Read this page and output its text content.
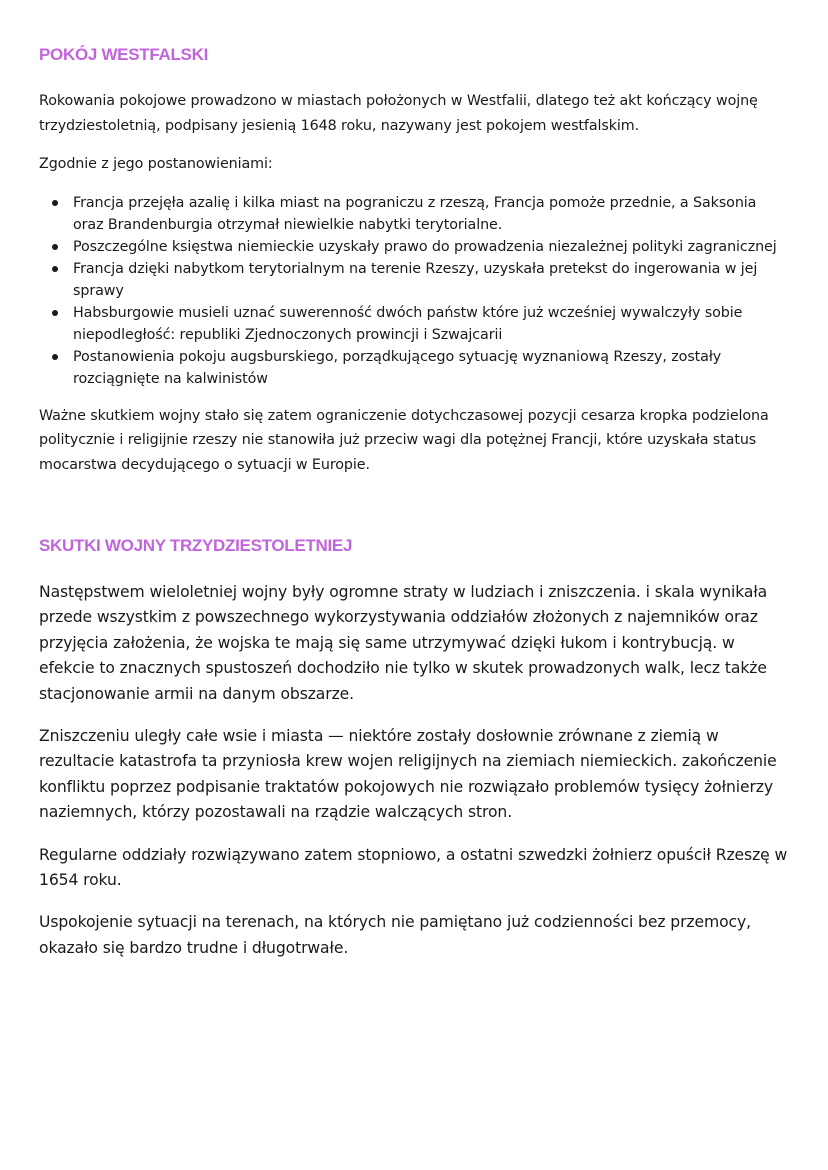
POKÓJ WESTFALSKI

Rokowania pokojowe prowadzono w miastach położonych w Westfalii, dlatego też akt kończący wojnę trzydziestoletnią, podpisany jesienią 1648 roku, nazywany jest pokojem westfalskim.

Zgodnie z jego postanowieniami:

Francja przejęła azalię i kilka miast na pograniczu z rzeszą, Francja pomoże przednie, a Saksonia oraz Brandenburgia otrzymał niewielkie nabytki terytorialne.
Poszczególne księstwa niemieckie uzyskały prawo do prowadzenia niezależnej polityki zagranicznej
Francja dzięki nabytkom terytorialnym na terenie Rzeszy, uzyskała pretekst do ingerowania w jej sprawy
Habsburgowie musieli uznać suwerenność dwóch państw które już wcześniej wywalczyły sobie niepodległość: republiki Zjednoczonych prowincji i Szwajcarii
Postanowienia pokoju augsburskiego, porządkującego sytuację wyznaniową Rzeszy, zostały rozciągnięte na kalwinistów

Ważne skutkiem wojny stało się zatem ograniczenie dotychczasowej pozycji cesarza kropka podzielona politycznie i religijnie rzeszy nie stanowiła już przeciw wagi dla potężnej Francji, które uzyskała status mocarstwa decydującego o sytuacji w Europie.

SKUTKI WOJNY TRZYDZIESTOLETNIEJ

Następstwem wieloletniej wojny były ogromne straty w ludziach i zniszczenia. i skala wynikała przede wszystkim z powszechnego wykorzystywania oddziałów złożonych z najemników oraz przyjęcia założenia, że wojska te mają się same utrzymywać dzięki łukom i kontrybucją. w efekcie to znacznych spustoszeń dochodziło nie tylko w skutek prowadzonych walk, lecz także stacjonowanie armii na danym obszarze.

Zniszczeniu uległy całe wsie i miasta — niektóre zostały dosłownie zrównane z ziemią w rezultacie katastrofa ta przyniosła krew wojen religijnych na ziemiach niemieckich. zakończenie konfliktu poprzez podpisanie traktatów pokojowych nie rozwiązało problemów tysięcy żołnierzy naziemnych, którzy pozostawali na rządzie walczących stron.

Regularne oddziały rozwiązywano zatem stopniowo, a ostatni szwedzki żołnierz opuścił Rzeszę w 1654 roku.

Uspokojenie sytuacji na terenach, na których nie pamiętano już codzienności bez przemocy, okazało się bardzo trudne i długotrwałe.
